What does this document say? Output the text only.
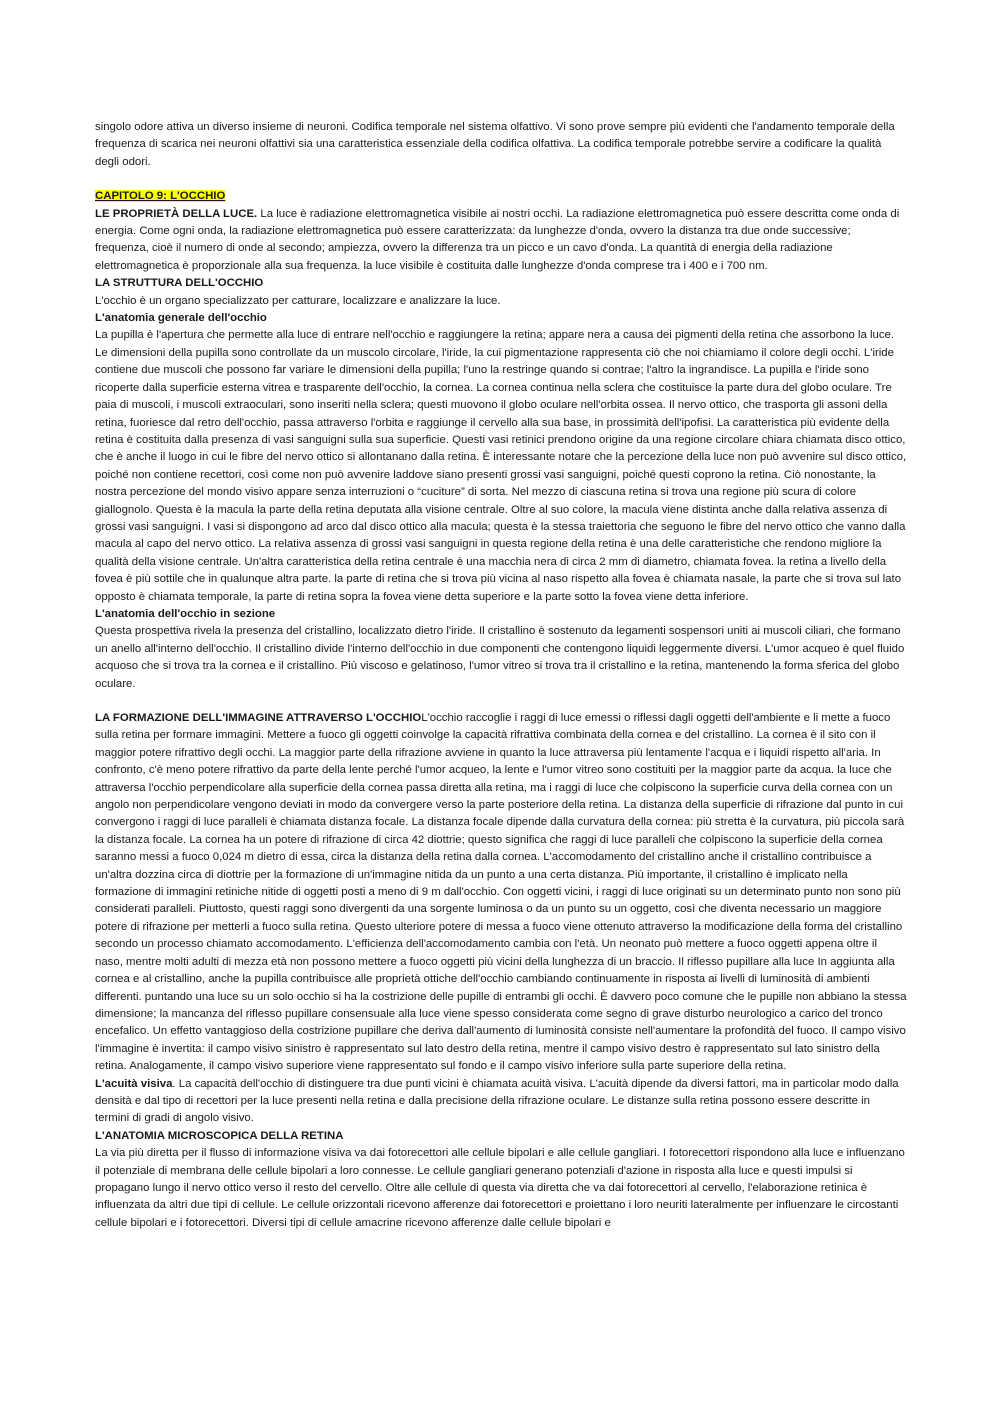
singolo odore attiva un diverso insieme di neuroni. Codifica temporale nel sistema olfattivo. Vi sono prove sempre più evidenti che l'andamento temporale della frequenza di scarica nei neuroni olfattivi sia una caratteristica essenziale della codifica olfattiva. La codifica temporale potrebbe servire a codificare la qualità degli odori.

CAPITOLO 9: L'OCCHIO

LE PROPRIETÀ DELLA LUCE. La luce è radiazione elettromagnetica visibile ai nostri occhi. La radiazione elettromagnetica può essere descritta come onda di energia. Come ogni onda, la radiazione elettromagnetica può essere caratterizzata: da lunghezze d'onda, ovvero la distanza tra due onde successive; frequenza, cioè il numero di onde al secondo; ampiezza, ovvero la differenza tra un picco e un cavo d'onda. La quantità di energia della radiazione elettromagnetica è proporzionale alla sua frequenza. la luce visibile è costituita dalle lunghezze d'onda comprese tra i 400 e i 700 nm.

LA STRUTTURA DELL'OCCHIO

L'occhio è un organo specializzato per catturare, localizzare e analizzare la luce.

L'anatomia generale dell'occhio

La pupilla è l'apertura che permette alla luce di entrare nell'occhio e raggiungere la retina; appare nera a causa dei pigmenti della retina che assorbono la luce. Le dimensioni della pupilla sono controllate da un muscolo circolare, l'iride, la cui pigmentazione rappresenta ciò che noi chiamiamo il colore degli occhi. L'iride contiene due muscoli che possono far variare le dimensioni della pupilla; l'uno la restringe quando si contrae; l'altro la ingrandisce. La pupilla e l'iride sono ricoperte dalla superficie esterna vitrea e trasparente dell'occhio, la cornea. La cornea continua nella sclera che costituisce la parte dura del globo oculare. Tre paia di muscoli, i muscoli extraoculari, sono inseriti nella sclera; questi muovono il globo oculare nell'orbita ossea. Il nervo ottico, che trasporta gli assoni della retina, fuoriesce dal retro dell'occhio, passa attraverso l'orbita e raggiunge il cervello alla sua base, in prossimità dell'ipofisi. La caratteristica più evidente della retina è costituita dalla presenza di vasi sanguigni sulla sua superficie. Questi vasi retinici prendono origine da una regione circolare chiara chiamata disco ottico, che è anche il luogo in cui le fibre del nervo ottico si allontanano dalla retina. È interessante notare che la percezione della luce non può avvenire sul disco ottico, poiché non contiene recettori, così come non può avvenire laddove siano presenti grossi vasi sanguigni, poiché questi coprono la retina. Ciò nonostante, la nostra percezione del mondo visivo appare senza interruzioni o “cuciture” di sorta. Nel mezzo di ciascuna retina si trova una regione più scura di colore giallognolo. Questa è la macula la parte della retina deputata alla visione centrale. Oltre al suo colore, la macula viene distinta anche dalla relativa assenza di grossi vasi sanguigni. I vasi si dispongono ad arco dal disco ottico alla macula; questa è la stessa traiettoria che seguono le fibre del nervo ottico che vanno dalla macula al capo del nervo ottico. La relativa assenza di grossi vasi sanguigni in questa regione della retina è una delle caratteristiche che rendono migliore la qualità della visione centrale. Un'altra caratteristica della retina centrale è una macchia nera di circa 2 mm di diametro, chiamata fovea. la retina a livello della fovea è più sottile che in qualunque altra parte. la parte di retina che si trova più vicina al naso rispetto alla fovea è chiamata nasale, la parte che si trova sul lato opposto è chiamata temporale, la parte di retina sopra la fovea viene detta superiore e la parte sotto la fovea viene detta inferiore.

L'anatomia dell'occhio in sezione

Questa prospettiva rivela la presenza del cristallino, localizzato dietro l'iride. Il cristallino è sostenuto da legamenti sospensori uniti ai muscoli ciliari, che formano un anello all'interno dell'occhio. Il cristallino divide l'interno dell'occhio in due componenti che contengono liquidi leggermente diversi. L'umor acqueo è quel fluido acquoso che si trova tra la cornea e il cristallino. Più viscoso e gelatinoso, l'umor vitreo si trova tra il cristallino e la retina, mantenendo la forma sferica del globo oculare.

LA FORMAZIONE DELL'IMMAGINE ATTRAVERSO L'OCCHIOL'occhio raccoglie i raggi di luce emessi o riflessi dagli oggetti dell'ambiente e li mette a fuoco sulla retina per formare immagini. Mettere a fuoco gli oggetti coinvolge la capacità rifrattiva combinata della cornea e del cristallino. La cornea è il sito con il maggior potere rifrattivo degli occhi. La maggior parte della rifrazione avviene in quanto la luce attraversa più lentamente l'acqua e i liquidi rispetto all'aria. In confronto, c'è meno potere rifrattivo da parte della lente perché l'umor acqueo, la lente e l'umor vitreo sono costituiti per la maggior parte da acqua. la luce che attraversa l'occhio perpendicolare alla superficie della cornea passa diretta alla retina, ma i raggi di luce che colpiscono la superficie curva della cornea con un angolo non perpendicolare vengono deviati in modo da convergere verso la parte posteriore della retina. La distanza della superficie di rifrazione dal punto in cui convergono i raggi di luce paralleli è chiamata distanza focale. La distanza focale dipende dalla curvatura della cornea: più stretta è la curvatura, più piccola sarà la distanza focale. La cornea ha un potere di rifrazione di circa 42 diottrie; questo significa che raggi di luce paralleli che colpiscono la superficie della cornea saranno messi a fuoco 0,024 m dietro di essa, circa la distanza della retina dalla cornea. L'accomodamento del cristallino anche il cristallino contribuisce a un'altra dozzina circa di diottrie per la formazione di un'immagine nitida da un punto a una certa distanza. Più importante, il cristallino è implicato nella formazione di immagini retiniche nitide di oggetti posti a meno di 9 m dall'occhio. Con oggetti vicini, i raggi di luce originati su un determinato punto non sono più considerati paralleli. Piuttosto, questi raggi sono divergenti da una sorgente luminosa o da un punto su un oggetto, così che diventa necessario un maggiore potere di rifrazione per metterli a fuoco sulla retina. Questo ulteriore potere di messa a fuoco viene ottenuto attraverso la modificazione della forma del cristallino secondo un processo chiamato accomodamento. L'efficienza dell'accomodamento cambia con l'età. Un neonato può mettere a fuoco oggetti appena oltre il naso, mentre molti adulti di mezza età non possono mettere a fuoco oggetti più vicini della lunghezza di un braccio. Il riflesso pupillare alla luce In aggiunta alla cornea e al cristallino, anche la pupilla contribuisce alle proprietà ottiche dell'occhio cambiando continuamente in risposta ai livelli di luminosità di ambienti differenti. puntando una luce su un solo occhio si ha la costrizione delle pupille di entrambi gli occhi. È davvero poco comune che le pupille non abbiano la stessa dimensione; la mancanza del riflesso pupillare consensuale alla luce viene spesso considerata come segno di grave disturbo neurologico a carico del tronco encefalico. Un effetto vantaggioso della costrizione pupillare che deriva dall'aumento di luminosità consiste nell'aumentare la profondità del fuoco. Il campo visivo l'immagine è invertita: il campo visivo sinistro è rappresentato sul lato destro della retina, mentre il campo visivo destro è rappresentato sul lato sinistro della retina. Analogamente, il campo visivo superiore viene rappresentato sul fondo e il campo visivo inferiore sulla parte superiore della retina.

L'acuità visiva. La capacità dell'occhio di distinguere tra due punti vicini è chiamata acuità visiva. L'acuità dipende da diversi fattori, ma in particolar modo dalla densità e dal tipo di recettori per la luce presenti nella retina e dalla precisione della rifrazione oculare. Le distanze sulla retina possono essere descritte in termini di gradi di angolo visivo.

L'ANATOMIA MICROSCOPICA DELLA RETINA

La via più diretta per il flusso di informazione visiva va dai fotorecettori alle cellule bipolari e alle cellule gangliari. I fotorecettori rispondono alla luce e influenzano il potenziale di membrana delle cellule bipolari a loro connesse. Le cellule gangliari generano potenziali d'azione in risposta alla luce e questi impulsi si propagano lungo il nervo ottico verso il resto del cervello. Oltre alle cellule di questa via diretta che va dai fotorecettori al cervello, l'elaborazione retinica è influenzata da altri due tipi di cellule. Le cellule orizzontali ricevono afferenze dai fotorecettori e proiettano i loro neuriti lateralmente per influenzare le circostanti cellule bipolari e i fotorecettori. Diversi tipi di cellule amacrine ricevono afferenze dalle cellule bipolari e
